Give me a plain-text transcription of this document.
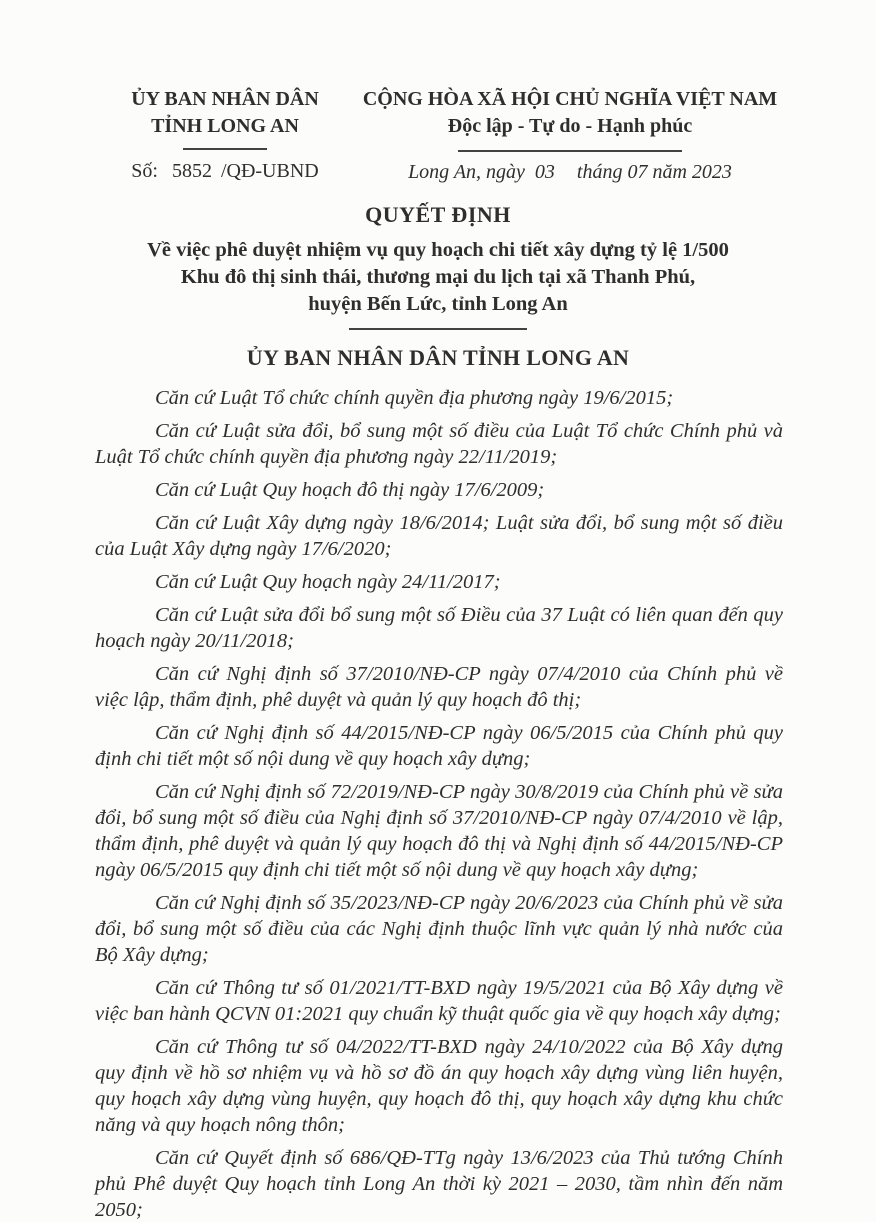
ỦY BAN NHÂN DÂN
TỈNH LONG AN
Số: 5852 /QĐ-UBND
CỘNG HÒA XÃ HỘI CHỦ NGHĨA VIỆT NAM
Độc lập - Tự do - Hạnh phúc
Long An, ngày 03 tháng 07 năm 2023
QUYẾT ĐỊNH
Về việc phê duyệt nhiệm vụ quy hoạch chi tiết xây dựng tỷ lệ 1/500
Khu đô thị sinh thái, thương mại du lịch tại xã Thanh Phú,
huyện Bến Lức, tỉnh Long An
ỦY BAN NHÂN DÂN TỈNH LONG AN

Căn cứ Luật Tổ chức chính quyền địa phương ngày 19/6/2015;

Căn cứ Luật sửa đổi, bổ sung một số điều của Luật Tổ chức Chính phủ và Luật Tổ chức chính quyền địa phương ngày 22/11/2019;

Căn cứ Luật Quy hoạch đô thị ngày 17/6/2009;

Căn cứ Luật Xây dựng ngày 18/6/2014; Luật sửa đổi, bổ sung một số điều của Luật Xây dựng ngày 17/6/2020;

Căn cứ Luật Quy hoạch ngày 24/11/2017;

Căn cứ Luật sửa đổi bổ sung một số Điều của 37 Luật có liên quan đến quy hoạch ngày 20/11/2018;

Căn cứ Nghị định số 37/2010/NĐ-CP ngày 07/4/2010 của Chính phủ về việc lập, thẩm định, phê duyệt và quản lý quy hoạch đô thị;

Căn cứ Nghị định số 44/2015/NĐ-CP ngày 06/5/2015 của Chính phủ quy định chi tiết một số nội dung về quy hoạch xây dựng;

Căn cứ Nghị định số 72/2019/NĐ-CP ngày 30/8/2019 của Chính phủ về sửa đổi, bổ sung một số điều của Nghị định số 37/2010/NĐ-CP ngày 07/4/2010 về lập, thẩm định, phê duyệt và quản lý quy hoạch đô thị và Nghị định số 44/2015/NĐ-CP ngày 06/5/2015 quy định chi tiết một số nội dung về quy hoạch xây dựng;

Căn cứ Nghị định số 35/2023/NĐ-CP ngày 20/6/2023 của Chính phủ về sửa đổi, bổ sung một số điều của các Nghị định thuộc lĩnh vực quản lý nhà nước của Bộ Xây dựng;

Căn cứ Thông tư số 01/2021/TT-BXD ngày 19/5/2021 của Bộ Xây dựng về việc ban hành QCVN 01:2021 quy chuẩn kỹ thuật quốc gia về quy hoạch xây dựng;

Căn cứ Thông tư số 04/2022/TT-BXD ngày 24/10/2022 của Bộ Xây dựng quy định về hồ sơ nhiệm vụ và hồ sơ đồ án quy hoạch xây dựng vùng liên huyện, quy hoạch xây dựng vùng huyện, quy hoạch đô thị, quy hoạch xây dựng khu chức năng và quy hoạch nông thôn;

Căn cứ Quyết định số 686/QĐ-TTg ngày 13/6/2023 của Thủ tướng Chính phủ Phê duyệt Quy hoạch tỉnh Long An thời kỳ 2021 – 2030, tầm nhìn đến năm 2050;
